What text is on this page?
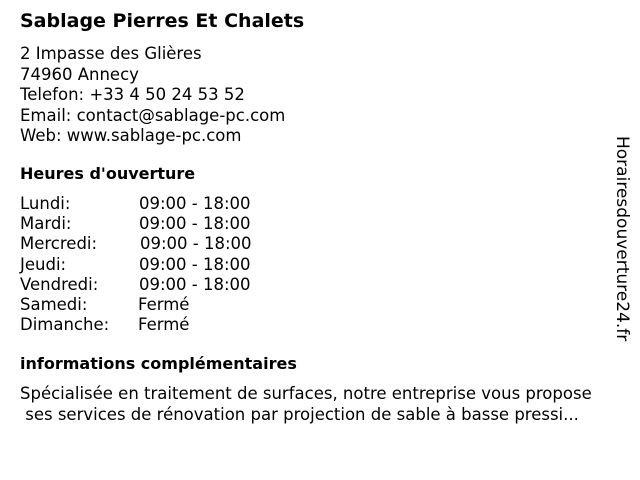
Sablage Pierres Et Chalets
2 Impasse des Glières
74960 Annecy
Telefon: +33 4 50 24 53 52
Email: contact@sablage-pc.com
Web: www.sablage-pc.com
Heures d'ouverture
Lundi:	09:00 - 18:00
Mardi:	09:00 - 18:00
Mercredi:	09:00 - 18:00
Jeudi:	09:00 - 18:00
Vendredi: 09:00 - 18:00
Samedi:	Fermé
Dimanche: Fermé
informations complémentaires
Spécialisée en traitement de surfaces, notre entreprise vous propose
ses services de rénovation par projection de sable à basse pressi...
Horairesdouverture24.fr
